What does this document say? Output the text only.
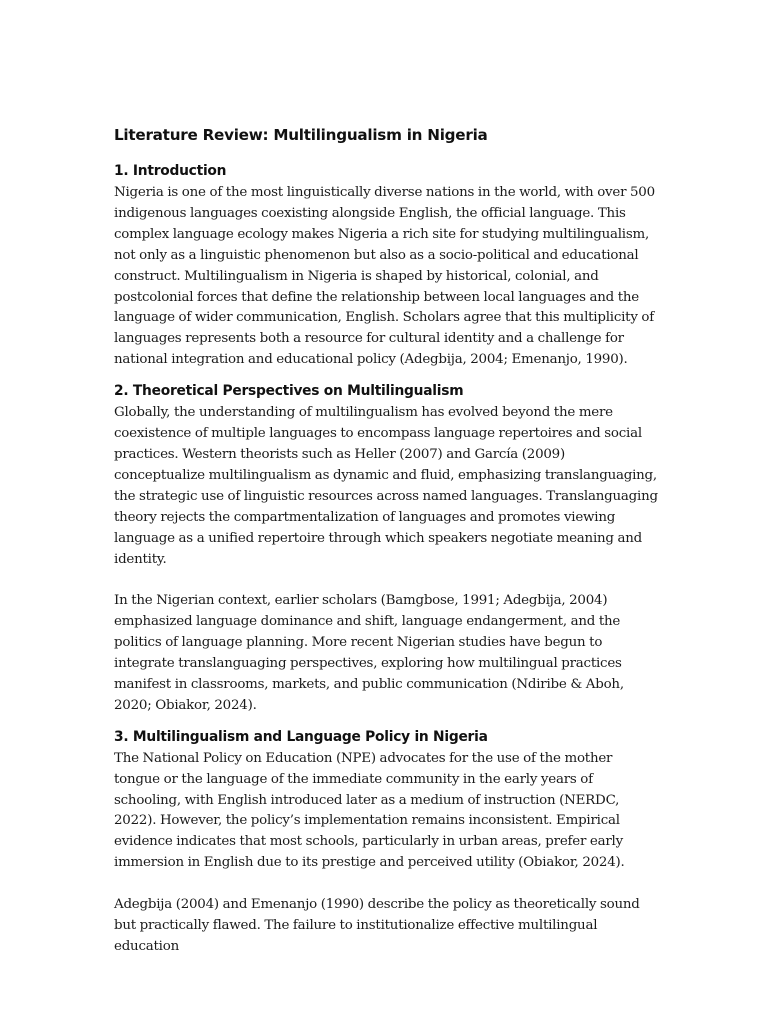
Literature Review: Multilingualism in Nigeria
1. Introduction

Nigeria is one of the most linguistically diverse nations in the world, with over 500 indigenous languages coexisting alongside English, the official language. This complex language ecology makes Nigeria a rich site for studying multilingualism, not only as a linguistic phenomenon but also as a socio-political and educational construct. Multilingualism in Nigeria is shaped by historical, colonial, and postcolonial forces that define the relationship between local languages and the language of wider communication, English. Scholars agree that this multiplicity of languages represents both a resource for cultural identity and a challenge for national integration and educational policy (Adegbija, 2004; Emenanjo, 1990).

2. Theoretical Perspectives on Multilingualism

Globally, the understanding of multilingualism has evolved beyond the mere coexistence of multiple languages to encompass language repertoires and social practices. Western theorists such as Heller (2007) and García (2009) conceptualize multilingualism as dynamic and fluid, emphasizing translanguaging, the strategic use of linguistic resources across named languages. Translanguaging theory rejects the compartmentalization of languages and promotes viewing language as a unified repertoire through which speakers negotiate meaning and identity.

In the Nigerian context, earlier scholars (Bamgbose, 1991; Adegbija, 2004) emphasized language dominance and shift, language endangerment, and the politics of language planning. More recent Nigerian studies have begun to integrate translanguaging perspectives, exploring how multilingual practices manifest in classrooms, markets, and public communication (Ndiribe & Aboh, 2020; Obiakor, 2024).

3. Multilingualism and Language Policy in Nigeria

The National Policy on Education (NPE) advocates for the use of the mother tongue or the language of the immediate community in the early years of schooling, with English introduced later as a medium of instruction (NERDC, 2022). However, the policy’s implementation remains inconsistent. Empirical evidence indicates that most schools, particularly in urban areas, prefer early immersion in English due to its prestige and perceived utility (Obiakor, 2024).

Adegbija (2004) and Emenanjo (1990) describe the policy as theoretically sound but practically flawed. The failure to institutionalize effective multilingual education
